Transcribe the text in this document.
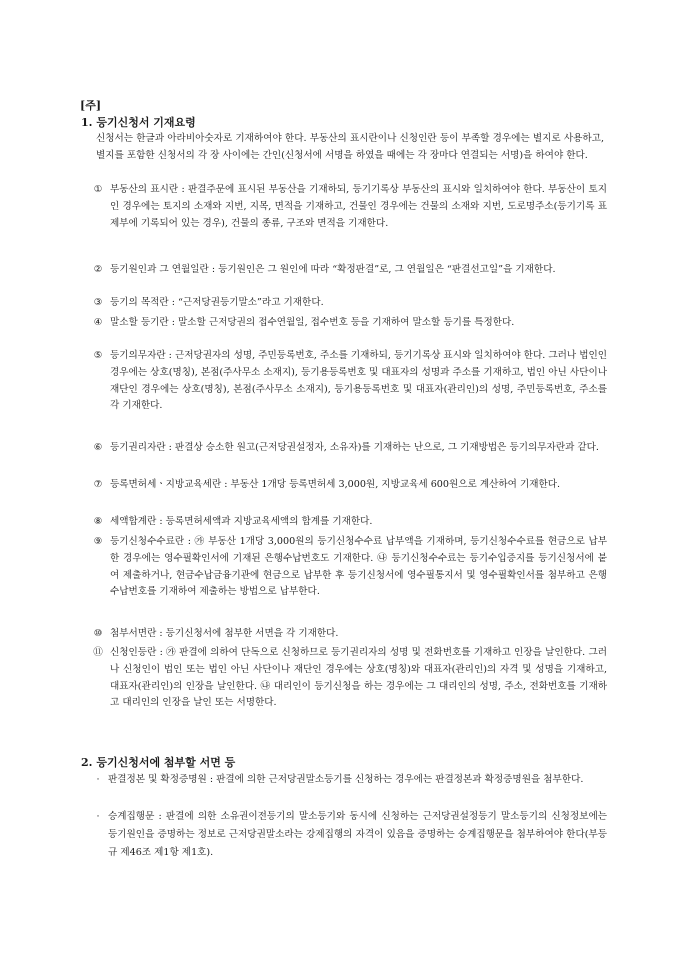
[주]
1. 등기신청서 기재요령
신청서는 한글과 아라비아숫자로 기재하여야 한다. 부동산의 표시란이나 신청인란 등이 부족할 경우에는 별지로 사용하고, 별지를 포함한 신청서의 각 장 사이에는 간인(신청서에 서명을 하였을 때에는 각 장마다 연결되는 서명)을 하여야 한다.
① 부동산의 표시란 : 판결주문에 표시된 부동산을 기재하되, 등기기록상 부동산의 표시와 일치하여야 한다. 부동산이 토지인 경우에는 토지의 소재와 지번, 지목, 면적을 기재하고, 건물인 경우에는 건물의 소재와 지번, 도로명주소(등기기록 표제부에 기록되어 있는 경우), 건물의 종류, 구조와 면적을 기재한다.
② 등기원인과 그 연월일란 : 등기원인은 그 원인에 따라 “확정판결”로, 그 연월일은 “판결선고일”을 기재한다.
③ 등기의 목적란 : “근저당권등기말소”라고 기재한다.
④ 말소할 등기란 : 말소할 근저당권의 접수연월일, 접수번호 등을 기재하여 말소할 등기를 특정한다.
⑤ 등기의무자란 : 근저당권자의 성명, 주민등록번호, 주소를 기재하되, 등기기록상 표시와 일치하여야 한다. 그러나 법인인 경우에는 상호(명칭), 본점(주사무소 소재지), 등기용등록번호 및 대표자의 성명과 주소를 기재하고, 법인 아닌 사단이나 재단인 경우에는 상호(명칭), 본점(주사무소 소재지), 등기용등록번호 및 대표자(관리인)의 성명, 주민등록번호, 주소를 각 기재한다.
⑥ 등기권리자란 : 판결상 승소한 원고(근저당권설정자, 소유자)를 기재하는 난으로, 그 기재방법은 등기의무자란과 같다.
⑦ 등록면허세ㆍ지방교육세란 : 부동산 1개당 등록면허세 3,000원, 지방교육세 600원으로 계산하여 기재한다.
⑧ 세액합계란 : 등록면허세액과 지방교육세액의 합계를 기재한다.
⑨ 등기신청수수료란 : ㉮ 부동산 1개당 3,000원의 등기신청수수료 납부액을 기재하며, 등기신청수수료를 현금으로 납부한 경우에는 영수필확인서에 기재된 은행수납번호도 기재한다. ㉯ 등기신청수수료는 등기수입증지를 등기신청서에 붙여 제출하거나, 현금수납금융기관에 현금으로 납부한 후 등기신청서에 영수필통지서 및 영수필확인서를 첨부하고 은행수납번호를 기재하여 제출하는 방법으로 납부한다.
⑩ 첨부서면란 : 등기신청서에 첨부한 서면을 각 기재한다.
⑪ 신청인등란 : ㉮ 판결에 의하여 단독으로 신청하므로 등기권리자의 성명 및 전화번호를 기재하고 인장을 날인한다. 그러나 신청인이 법인 또는 법인 아닌 사단이나 재단인 경우에는 상호(명칭)와 대표자(관리인)의 자격 및 성명을 기재하고, 대표자(관리인)의 인장을 날인한다. ㉯ 대리인이 등기신청을 하는 경우에는 그 대리인의 성명, 주소, 전화번호를 기재하고 대리인의 인장을 날인 또는 서명한다.
2. 등기신청서에 첨부할 서면 등
· 판결정본 및 확정증명원 : 판결에 의한 근저당권말소등기를 신청하는 경우에는 판결정본과 확정증명원을 첨부한다.
· 승계집행문 : 판결에 의한 소유권이전등기의 말소등기와 동시에 신청하는 근저당권설정등기 말소등기의 신청정보에는 등기원인을 증명하는 정보로 근저당권말소라는 강제집행의 자격이 있음을 증명하는 승계집행문을 첨부하여야 한다(부등규 제46조 제1항 제1호).
